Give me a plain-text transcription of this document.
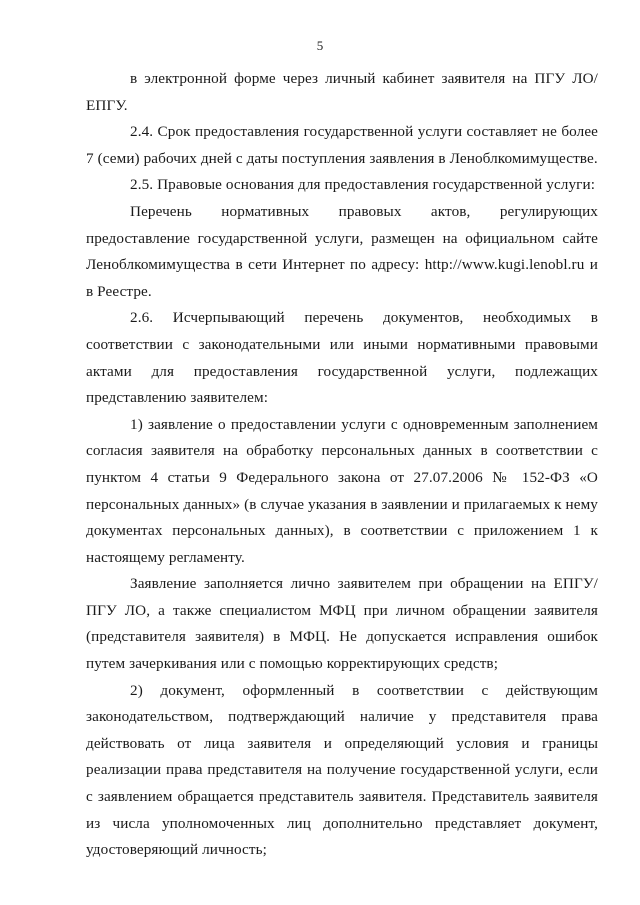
5

в электронной форме через личный кабинет заявителя на ПГУ ЛО/ЕПГУ.

2.4. Срок предоставления государственной услуги составляет не более 7 (семи) рабочих дней с даты поступления заявления в Леноблкомимуществе.

2.5. Правовые основания для предоставления государственной услуги:

Перечень нормативных правовых актов, регулирующих предоставление государственной услуги, размещен на официальном сайте Леноблкомимущества в сети Интернет по адресу: http://www.kugi.lenobl.ru и в Реестре.

2.6. Исчерпывающий перечень документов, необходимых в соответствии с законодательными или иными нормативными правовыми актами для предоставления государственной услуги, подлежащих представлению заявителем:

1) заявление о предоставлении услуги с одновременным заполнением согласия заявителя на обработку персональных данных в соответствии с пунктом 4 статьи 9 Федерального закона от 27.07.2006 № 152-ФЗ «О персональных данных» (в случае указания в заявлении и прилагаемых к нему документах персональных данных), в соответствии с приложением 1 к настоящему регламенту.

Заявление заполняется лично заявителем при обращении на ЕПГУ/ПГУ ЛО, а также специалистом МФЦ при личном обращении заявителя (представителя заявителя) в МФЦ. Не допускается исправления ошибок путем зачеркивания или с помощью корректирующих средств;

2) документ, оформленный в соответствии с действующим законодательством, подтверждающий наличие у представителя права действовать от лица заявителя и определяющий условия и границы реализации права представителя на получение государственной услуги, если с заявлением обращается представитель заявителя. Представитель заявителя из числа уполномоченных лиц дополнительно представляет документ, удостоверяющий личность;
